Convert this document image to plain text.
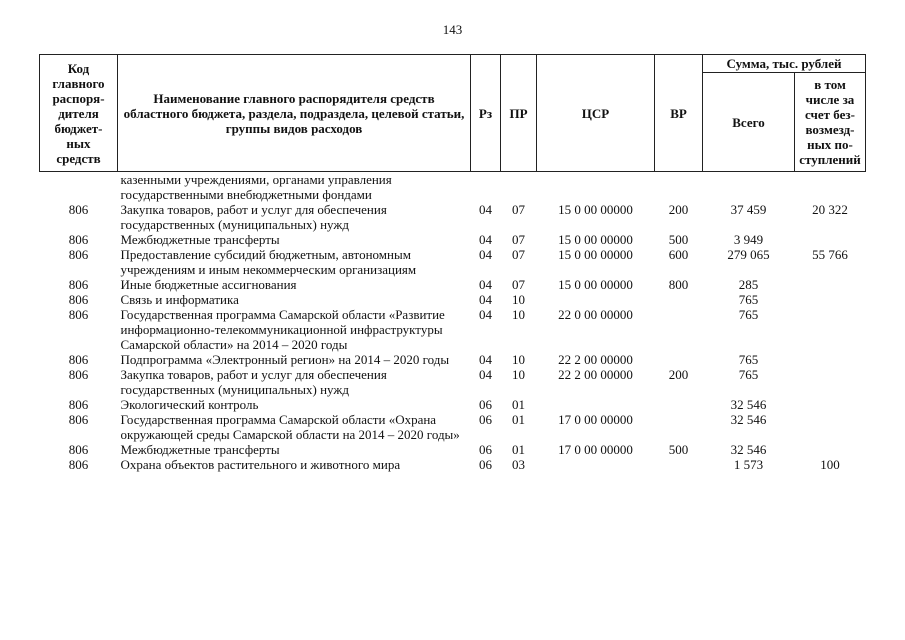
143
Код главного распоря-дителя бюджет-ных средств	Наименование главного распорядителя средств областного бюджета, раздела, подраздела, целевой статьи, группы видов расходов	Рз	ПР	ЦСР	ВР	Сумма, тыс. рублей	
						Всего	в том числе за счет без-возмезд-ных по-ступлений
	казенными учреждениями, органами управления государственными внебюджетными фондами						
806	Закупка товаров, работ и услуг для обеспечения государственных (муниципальных) нужд	04	07	15 0 00 00000	200	37 459	20 322
806	Межбюджетные трансферты	04	07	15 0 00 00000	500	3 949	
806	Предоставление субсидий бюджетным, автономным учреждениям и иным некоммерческим организациям	04	07	15 0 00 00000	600	279 065	55 766
806	Иные бюджетные ассигнования	04	07	15 0 00 00000	800	285	
806	Связь и информатика	04	10			765	
806	Государственная программа Самарской области «Развитие информационно-телекоммуникационной инфраструктуры Самарской области» на 2014 – 2020 годы	04	10	22 0 00 00000		765	
806	Подпрограмма «Электронный регион» на 2014 – 2020 годы	04	10	22 2 00 00000		765	
806	Закупка товаров, работ и услуг для обеспечения государственных (муниципальных) нужд	04	10	22 2 00 00000	200	765	
806	Экологический контроль	06	01			32 546	
806	Государственная программа Самарской области «Охрана окружающей среды Самарской области на 2014 – 2020 годы»	06	01	17 0 00 00000		32 546	
806	Межбюджетные трансферты	06	01	17 0 00 00000	500	32 546	
806	Охрана объектов растительного и животного мира	06	03			1 573	100
